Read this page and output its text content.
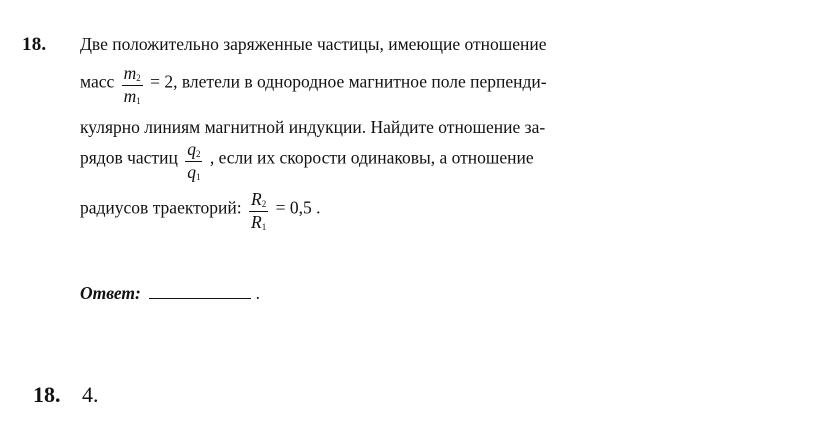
18. Две положительно заряженные частицы, имеющие отношение
масс $\frac{m_2}{m_1} = 2$, влетели в однородное магнитное поле перпенди-
кулярно линиям магнитной индукции. Найдите отношение за-
рядов частиц $\frac{q_2}{q_1}$ , если их скорости одинаковы, а отношение
радиусов траекторий: $\frac{R_2}{R_1} = 0,5$ .
Ответ:	.
18. 4.
